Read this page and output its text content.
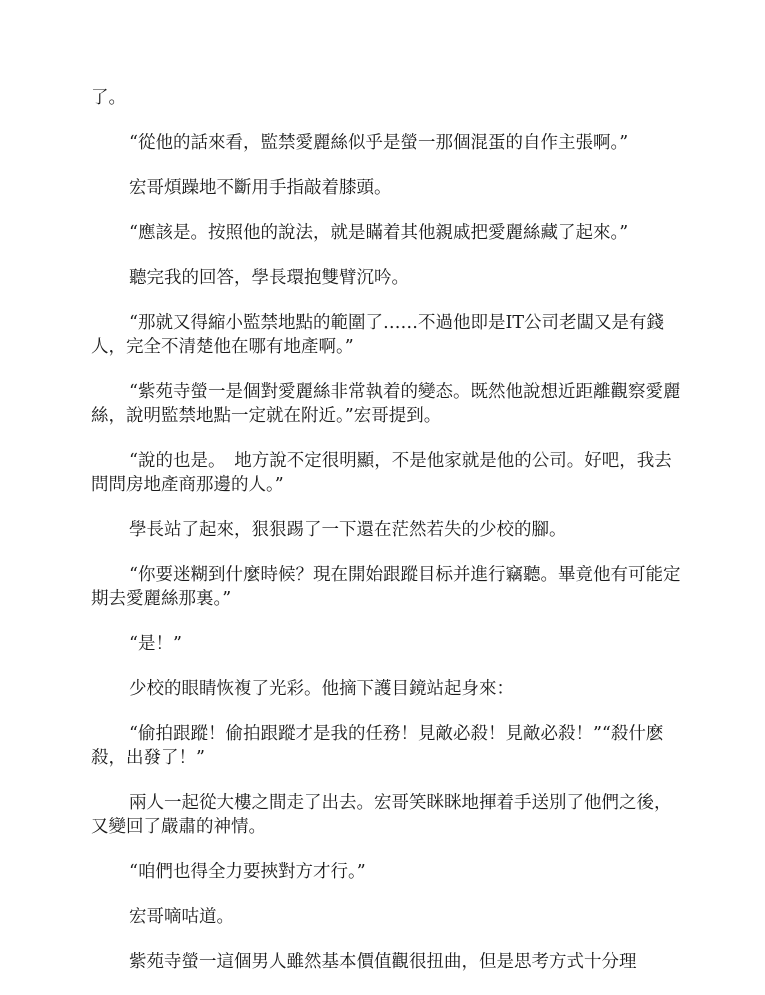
了。

“從他的話來看，監禁愛麗絲似乎是螢一那個混蛋的自作主張啊。”

宏哥煩躁地不斷用手指敲着膝頭。

“應該是。按照他的說法，就是瞞着其他親戚把愛麗絲藏了起來。”

聽完我的回答，學長環抱雙臂沉吟。

“那就又得縮小監禁地點的範圍了……不過他即是IT公司老闆又是有錢人，完全不清楚他在哪有地產啊。”

“紫苑寺螢一是個對愛麗絲非常執着的變态。既然他說想近距離觀察愛麗絲，說明監禁地點一定就在附近。”宏哥提到。

“說的也是。　地方說不定很明顯，不是他家就是他的公司。好吧，我去問問房地產商那邊的人。”

學長站了起來，狠狠踢了一下還在茫然若失的少校的腳。

“你要迷糊到什麼時候？現在開始跟蹤目标并進行竊聽。畢竟他有可能定期去愛麗絲那裏。”

“是！”

少校的眼睛恢複了光彩。他摘下護目鏡站起身來：

“偷拍跟蹤！偷拍跟蹤才是我的任務！見敵必殺！見敵必殺！”“殺什麽殺，出發了！”

兩人一起從大樓之間走了出去。宏哥笑眯眯地揮着手送別了他們之後，又變回了嚴肅的神情。

“咱們也得全力要挾對方才行。”

宏哥嘀咕道。

紫苑寺螢一這個男人雖然基本價值觀很扭曲，但是思考方式十分理
